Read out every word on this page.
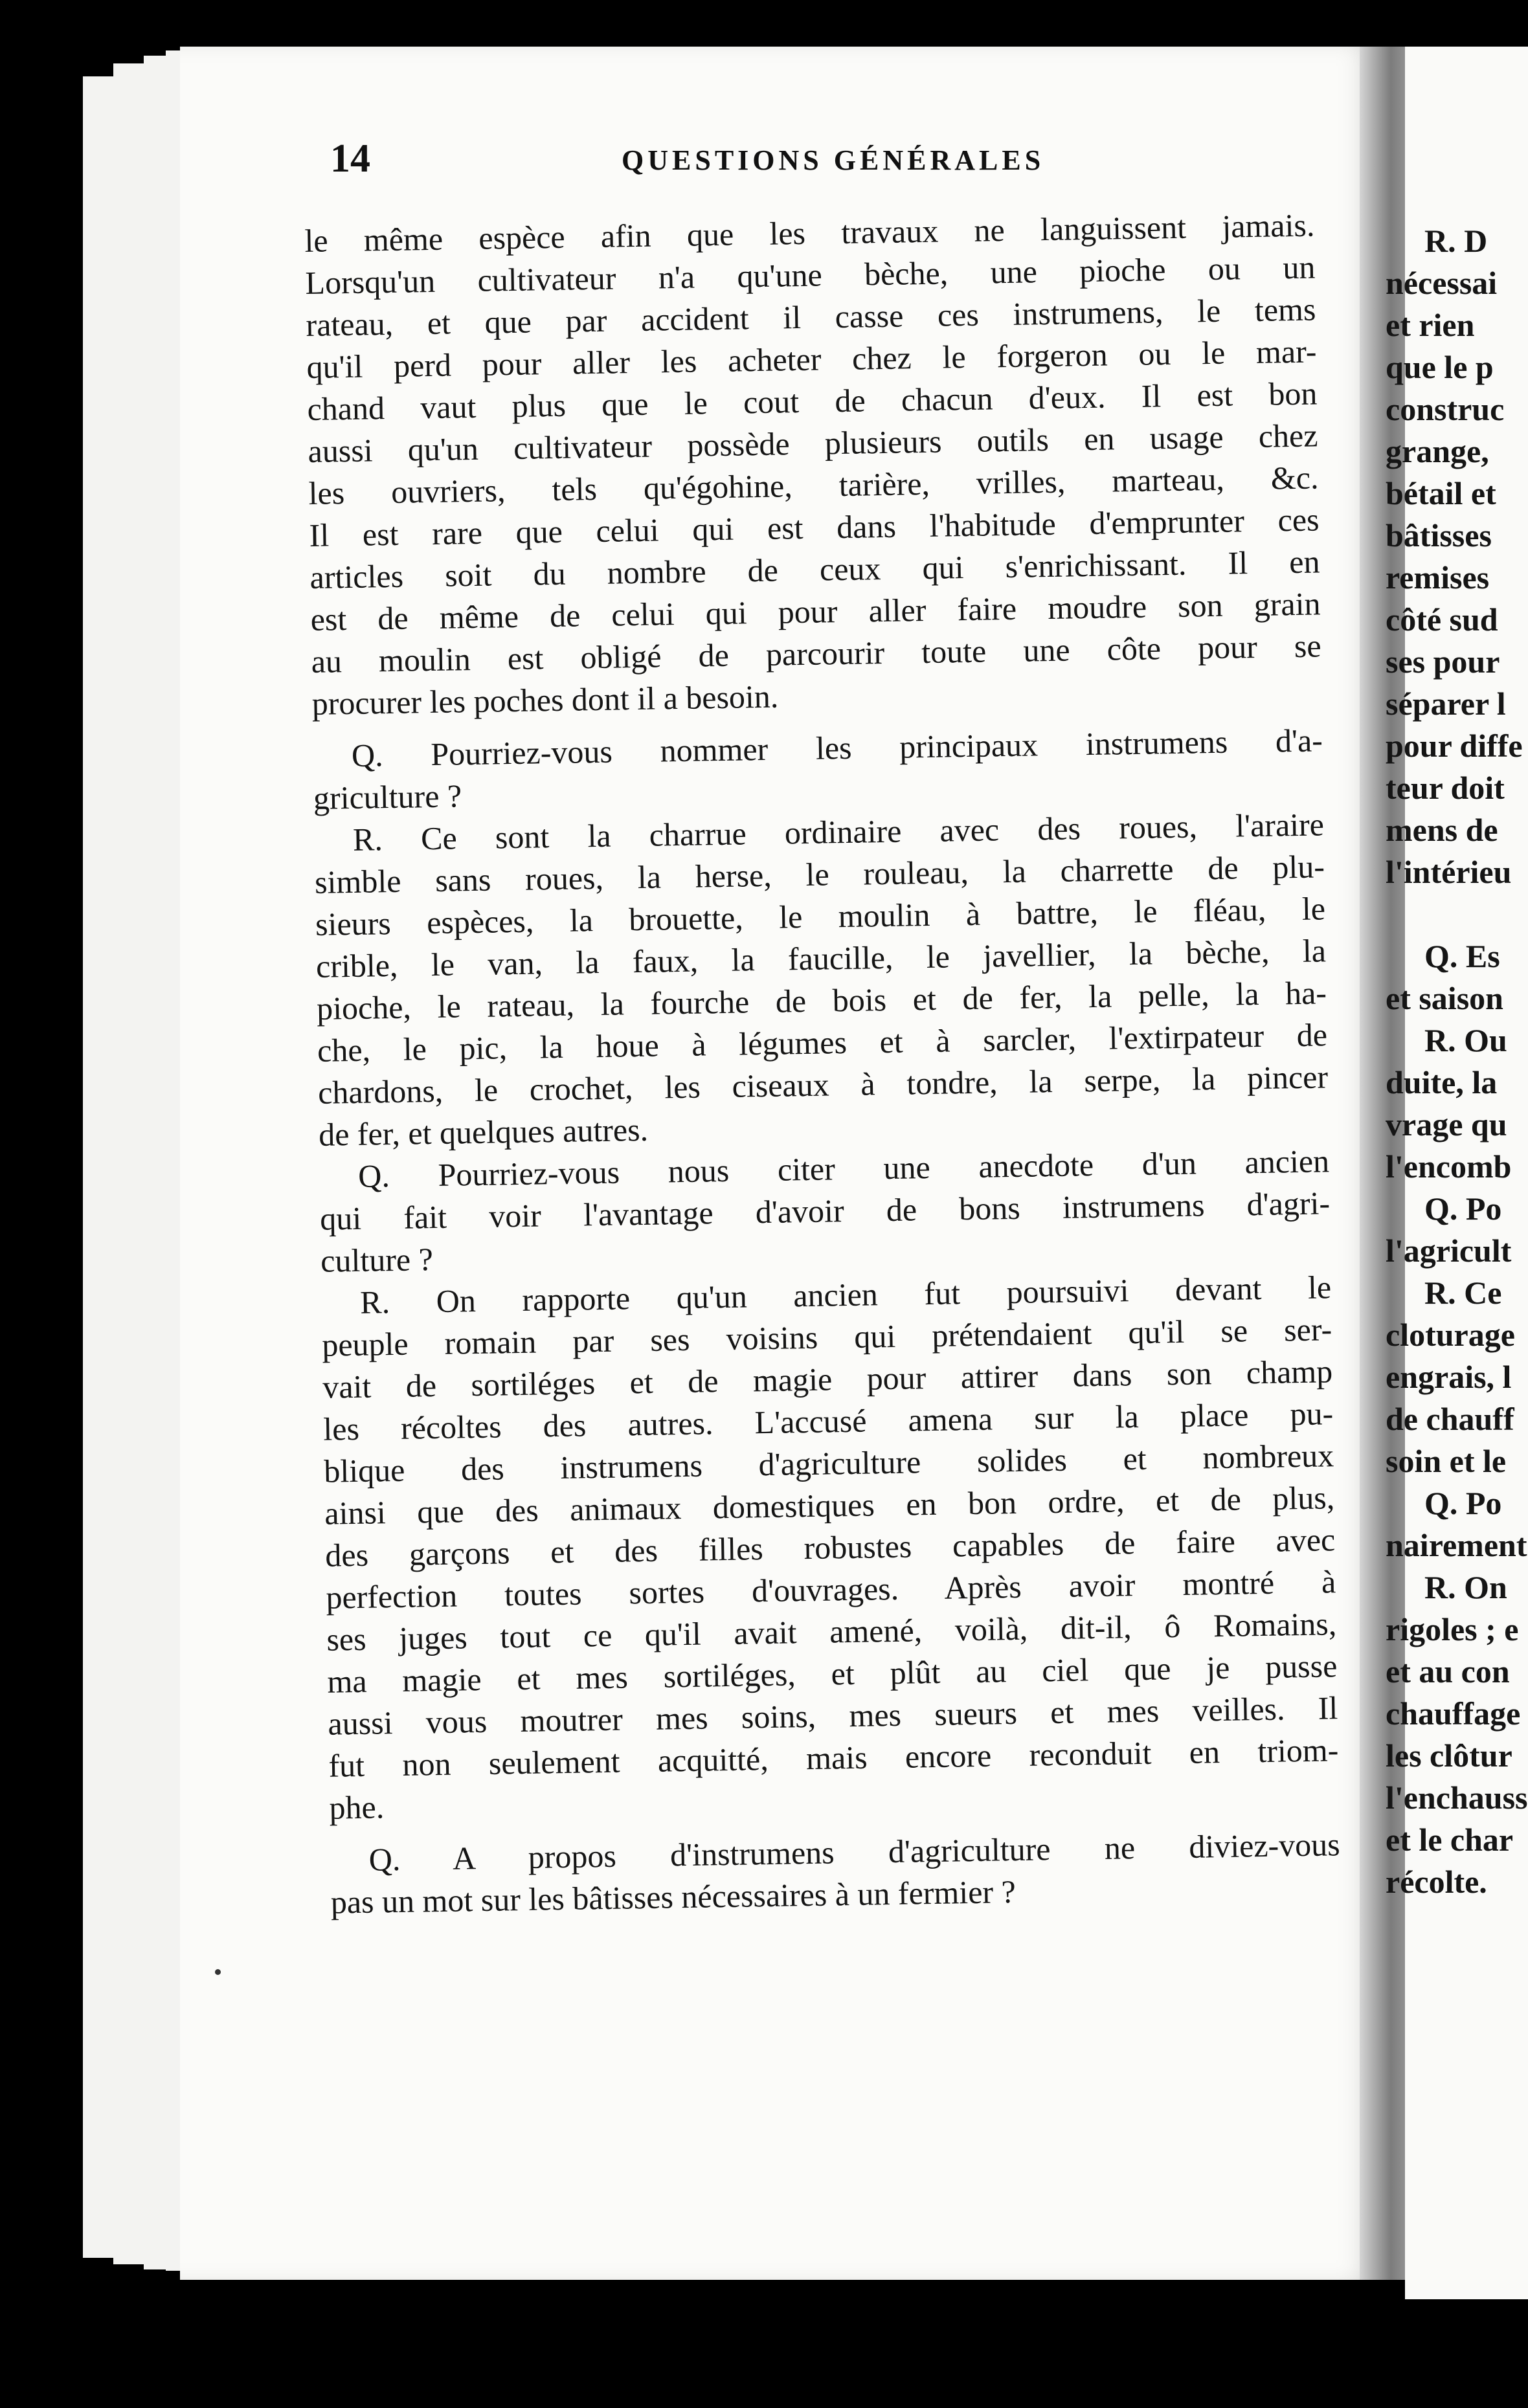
14	QUESTIONS GÉNÉRALES
le même espèce afin que les travaux ne languissent jamais.
Lorsqu'un cultivateur n'a qu'une bèche, une pioche ou un
rateau, et que par accident il casse ces instrumens, le tems
qu'il perd pour aller les acheter chez le forgeron ou le mar-
chand vaut plus que le cout de chacun d'eux. Il est bon
aussi qu'un cultivateur possède plusieurs outils en usage chez
les ouvriers, tels qu'égohine, tarière, vrilles, marteau, &c.
Il est rare que celui qui est dans l'habitude d'emprunter ces
articles soit du nombre de ceux qui s'enrichissant. Il en
est de même de celui qui pour aller faire moudre son grain
au moulin est obligé de parcourir toute une côte pour se
procurer les poches dont il a besoin.
Q. Pourriez-vous nommer les principaux instrumens d'a-
griculture ?
R. Ce sont la charrue ordinaire avec des roues, l'araire
simble sans roues, la herse, le rouleau, la charrette de plu-
sieurs espèces, la brouette, le moulin à battre, le fléau, le
crible, le van, la faux, la faucille, le javellier, la bèche, la
pioche, le rateau, la fourche de bois et de fer, la pelle, la ha-
che, le pic, la houe à légumes et à sarcler, l'extirpateur de
chardons, le crochet, les ciseaux à tondre, la serpe, la pincer
de fer, et quelques autres.
Q. Pourriez-vous nous citer une anecdote d'un ancien
qui fait voir l'avantage d'avoir de bons instrumens d'agri-
culture ?
R. On rapporte qu'un ancien fut poursuivi devant le
peuple romain par ses voisins qui prétendaient qu'il se ser-
vait de sortiléges et de magie pour attirer dans son champ
les récoltes des autres. L'accusé amena sur la place pu-
blique des instrumens d'agriculture solides et nombreux
ainsi que des animaux domestiques en bon ordre, et de plus,
des garçons et des filles robustes capables de faire avec
perfection toutes sortes d'ouvrages. Après avoir montré à
ses juges tout ce qu'il avait amené, voilà, dit-il, ô Romains,
ma magie et mes sortiléges, et plût au ciel que je pusse
aussi vous moutrer mes soins, mes sueurs et mes veilles. Il
fut non seulement acquitté, mais encore reconduit en triom-
phe.
Q. A propos d'instrumens d'agriculture ne diviez-vous
pas un mot sur les bâtisses nécessaires à un fermier ?
R. D
nécessai
et rien
que le p
construc
grange,
bétail et
bâtisses
remises
côté sud
ses pour
séparer l
pour diffe
teur doit
mens de
l'intérieu
Q. Es
et saison
R. Ou
duite, la
vrage qu
l'encomb
Q. Po
l'agricult
R. Ce
cloturage
engrais, l
de chauff
soin et le
Q. Po
nairement
R. On
rigoles ; e
et au con
chauffage
les clôtur
l'enchauss
et le char
récolte.
